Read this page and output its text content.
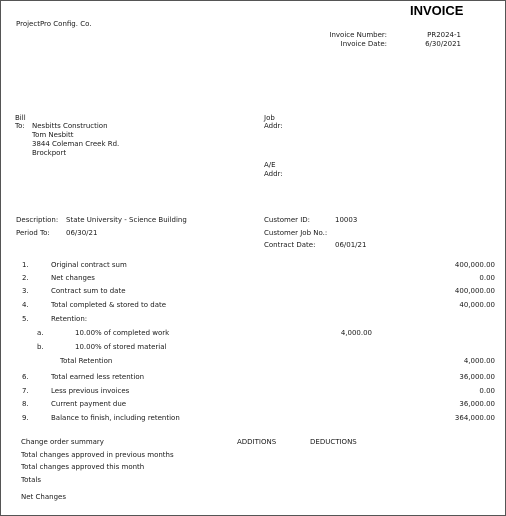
INVOICE
ProjectPro Config. Co.
Invoice Number:	PR2024-1
Invoice Date:	6/30/2021
Bill
To: Nesbitts Construction
Tom Nesbitt
3844 Coleman Creek Rd.
Brockport
Job
Addr:
A/E
Addr:
Description: State University - Science Building
Period To: 06/30/21
Customer ID:	10003
Customer Job No.:
Contract Date:	06/01/21
1.	Original contract sum	400,000.00
2.	Net changes	0.00
3.	Contract sum to date	400,000.00
4.	Total completed & stored to date	40,000.00
5.	Retention:
a.	10.00% of completed work	4,000.00
b.	10.00% of stored material
Total Retention	4,000.00
6.	Total earned less retention	36,000.00
7.	Less previous invoices	0.00
8.	Current payment due	36,000.00
9.	Balance to finish, including retention	364,000.00
Change order summary	ADDITIONS	DEDUCTIONS
Total changes approved in previous months
Total changes approved this month
Totals
Net Changes
